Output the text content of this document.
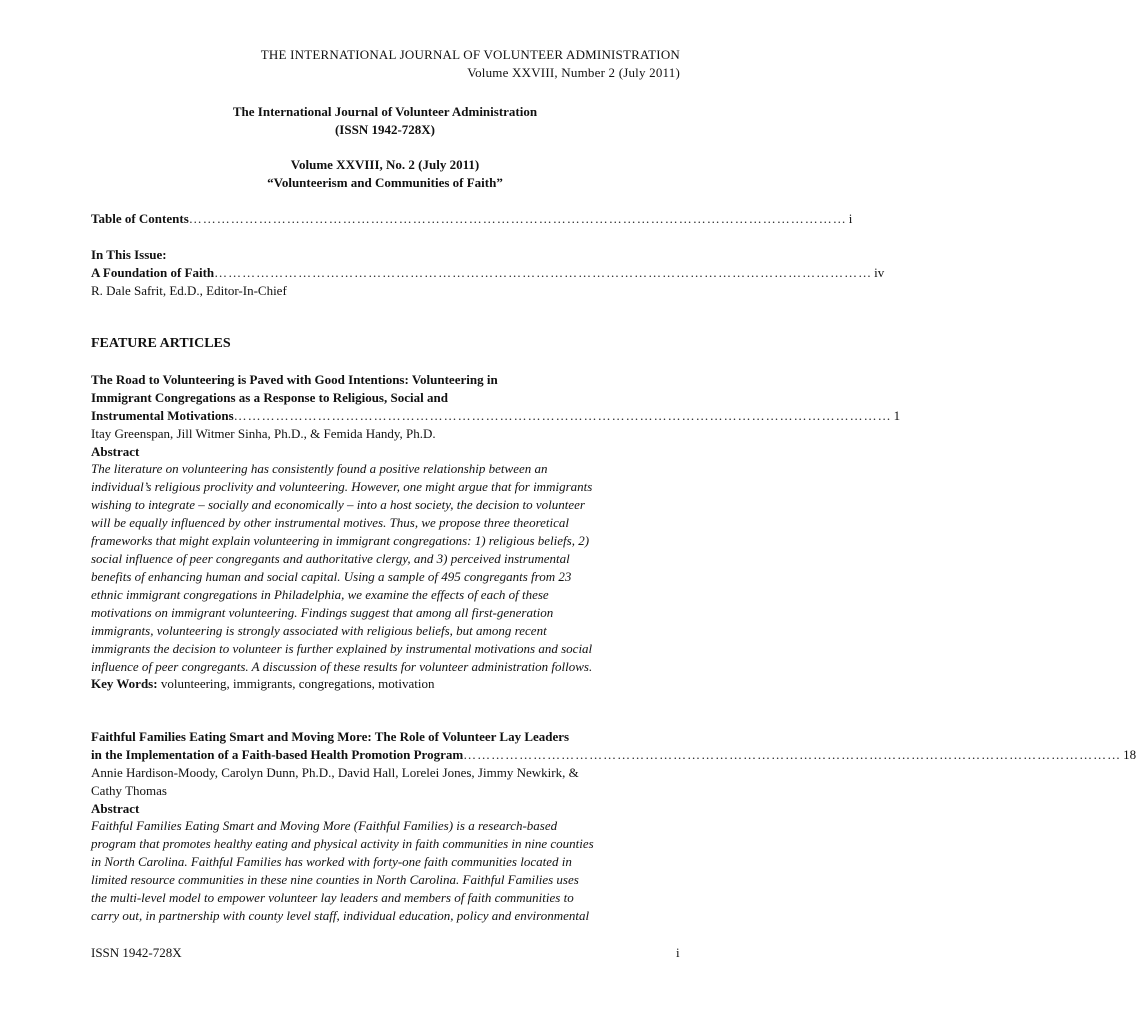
THE INTERNATIONAL JOURNAL OF VOLUNTEER ADMINISTRATION
Volume XXVIII, Number 2 (July 2011)
The International Journal of Volunteer Administration
(ISSN 1942-728X)
Volume XXVIII, No. 2 (July 2011)
“Volunteerism and Communities of Faith”
Table of Contents …………………………………………………………………………………………………………………………… i
In This Issue:
A Foundation of Faith …………………………………………………………………………………………………………………………… iv
R. Dale Safrit, Ed.D., Editor-In-Chief
FEATURE ARTICLES
The Road to Volunteering is Paved with Good Intentions: Volunteering in
Immigrant Congregations as a Response to Religious, Social and
Instrumental Motivations …………………………………………………………………………………………………………………………… 1
Itay Greenspan, Jill Witmer Sinha, Ph.D., & Femida Handy, Ph.D.
Abstract
The literature on volunteering has consistently found a positive relationship between an
individual’s religious proclivity and volunteering. However, one might argue that for immigrants
wishing to integrate – socially and economically – into a host society, the decision to volunteer
will be equally influenced by other instrumental motives. Thus, we propose three theoretical
frameworks that might explain volunteering in immigrant congregations: 1) religious beliefs, 2)
social influence of peer congregants and authoritative clergy, and 3) perceived instrumental
benefits of enhancing human and social capital. Using a sample of 495 congregants from 23
ethnic immigrant congregations in Philadelphia, we examine the effects of each of these
motivations on immigrant volunteering. Findings suggest that among all first-generation
immigrants, volunteering is strongly associated with religious beliefs, but among recent
immigrants the decision to volunteer is further explained by instrumental motivations and social
influence of peer congregants. A discussion of these results for volunteer administration follows.
Key Words: volunteering, immigrants, congregations, motivation
Faithful Families Eating Smart and Moving More: The Role of Volunteer Lay Leaders
in the Implementation of a Faith-based Health Promotion Program …………………………………………………………………………………………………………………………… 18
Annie Hardison-Moody, Carolyn Dunn, Ph.D., David Hall, Lorelei Jones, Jimmy Newkirk, &
Cathy Thomas
Abstract
Faithful Families Eating Smart and Moving More (Faithful Families) is a research-based
program that promotes healthy eating and physical activity in faith communities in nine counties
in North Carolina. Faithful Families has worked with forty-one faith communities located in
limited resource communities in these nine counties in North Carolina. Faithful Families uses
the multi-level model to empower volunteer lay leaders and members of faith communities to
carry out, in partnership with county level staff, individual education, policy and environmental
ISSN 1942-728X	i
